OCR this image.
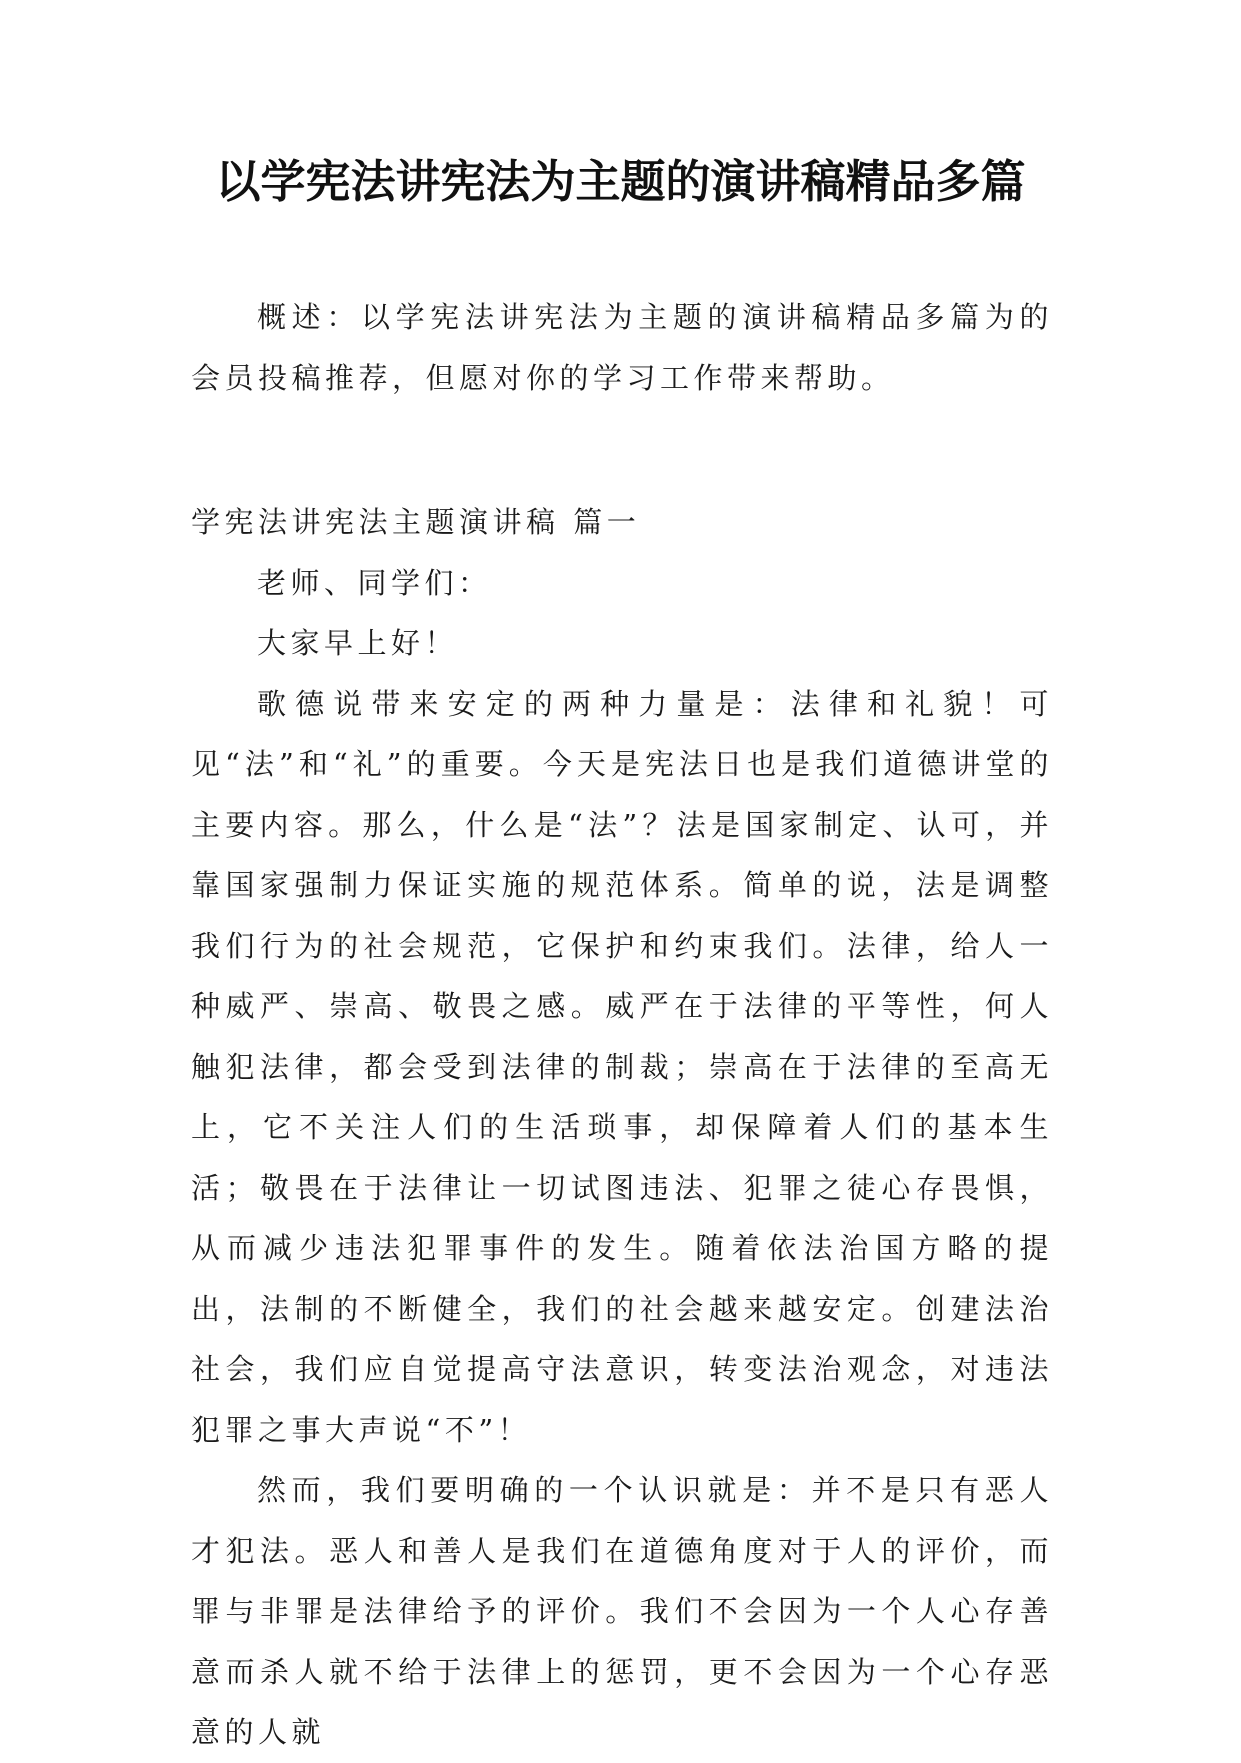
以学宪法讲宪法为主题的演讲稿精品多篇

概述：以学宪法讲宪法为主题的演讲稿精品多篇为的会员投稿推荐，但愿对你的学习工作带来帮助。

学宪法讲宪法主题演讲稿 篇一

老师、同学们：

大家早上好！

歌德说带来安定的两种力量是：法律和礼貌！可见“法”和“礼”的重要。今天是宪法日也是我们道德讲堂的主要内容。那么，什么是“法”？法是国家制定、认可，并靠国家强制力保证实施的规范体系。简单的说，法是调整我们行为的社会规范，它保护和约束我们。法律，给人一种威严、崇高、敬畏之感。威严在于法律的平等性，何人触犯法律，都会受到法律的制裁；崇高在于法律的至高无上，它不关注人们的生活琐事，却保障着人们的基本生活；敬畏在于法律让一切试图违法、犯罪之徒心存畏惧，从而减少违法犯罪事件的发生。随着依法治国方略的提出，法制的不断健全，我们的社会越来越安定。创建法治社会，我们应自觉提高守法意识，转变法治观念，对违法犯罪之事大声说“不”！

然而，我们要明确的一个认识就是：并不是只有恶人才犯法。恶人和善人是我们在道德角度对于人的评价，而罪与非罪是法律给予的评价。我们不会因为一个人心存善意而杀人就不给于法律上的惩罚，更不会因为一个心存恶意的人就
